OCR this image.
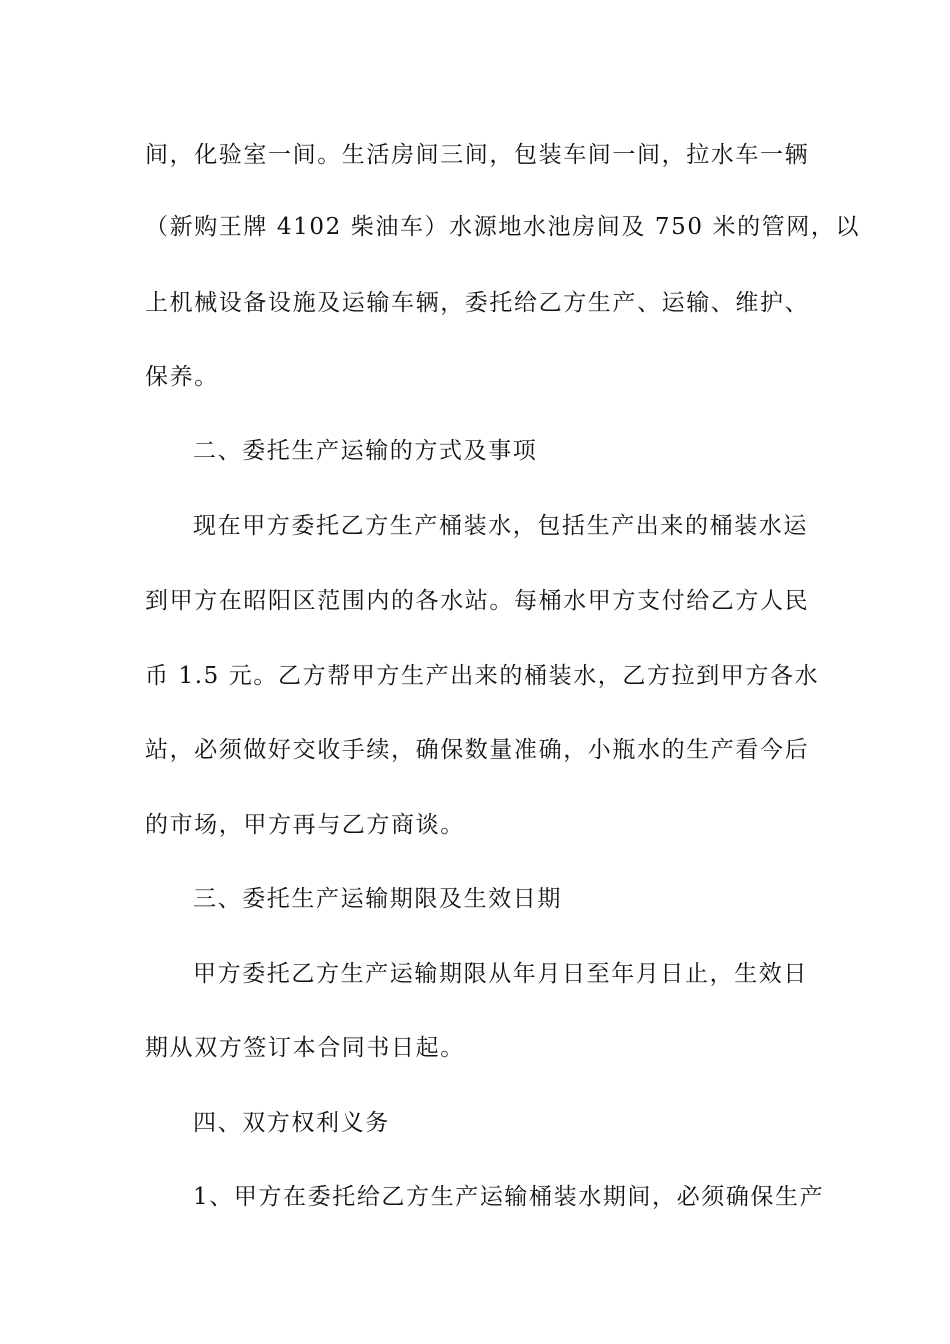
间，化验室一间。生活房间三间，包装车间一间，拉水车一辆
（新购王牌 4102 柴油车）水源地水池房间及 750 米的管网，以
上机械设备设施及运输车辆，委托给乙方生产、运输、维护、
保养。
二、委托生产运输的方式及事项
现在甲方委托乙方生产桶装水，包括生产出来的桶装水运
到甲方在昭阳区范围内的各水站。每桶水甲方支付给乙方人民
币 1.5 元。乙方帮甲方生产出来的桶装水，乙方拉到甲方各水
站，必须做好交收手续，确保数量准确，小瓶水的生产看今后
的市场，甲方再与乙方商谈。
三、委托生产运输期限及生效日期
甲方委托乙方生产运输期限从年月日至年月日止，生效日
期从双方签订本合同书日起。
四、双方权利义务
1、甲方在委托给乙方生产运输桶装水期间，必须确保生产
